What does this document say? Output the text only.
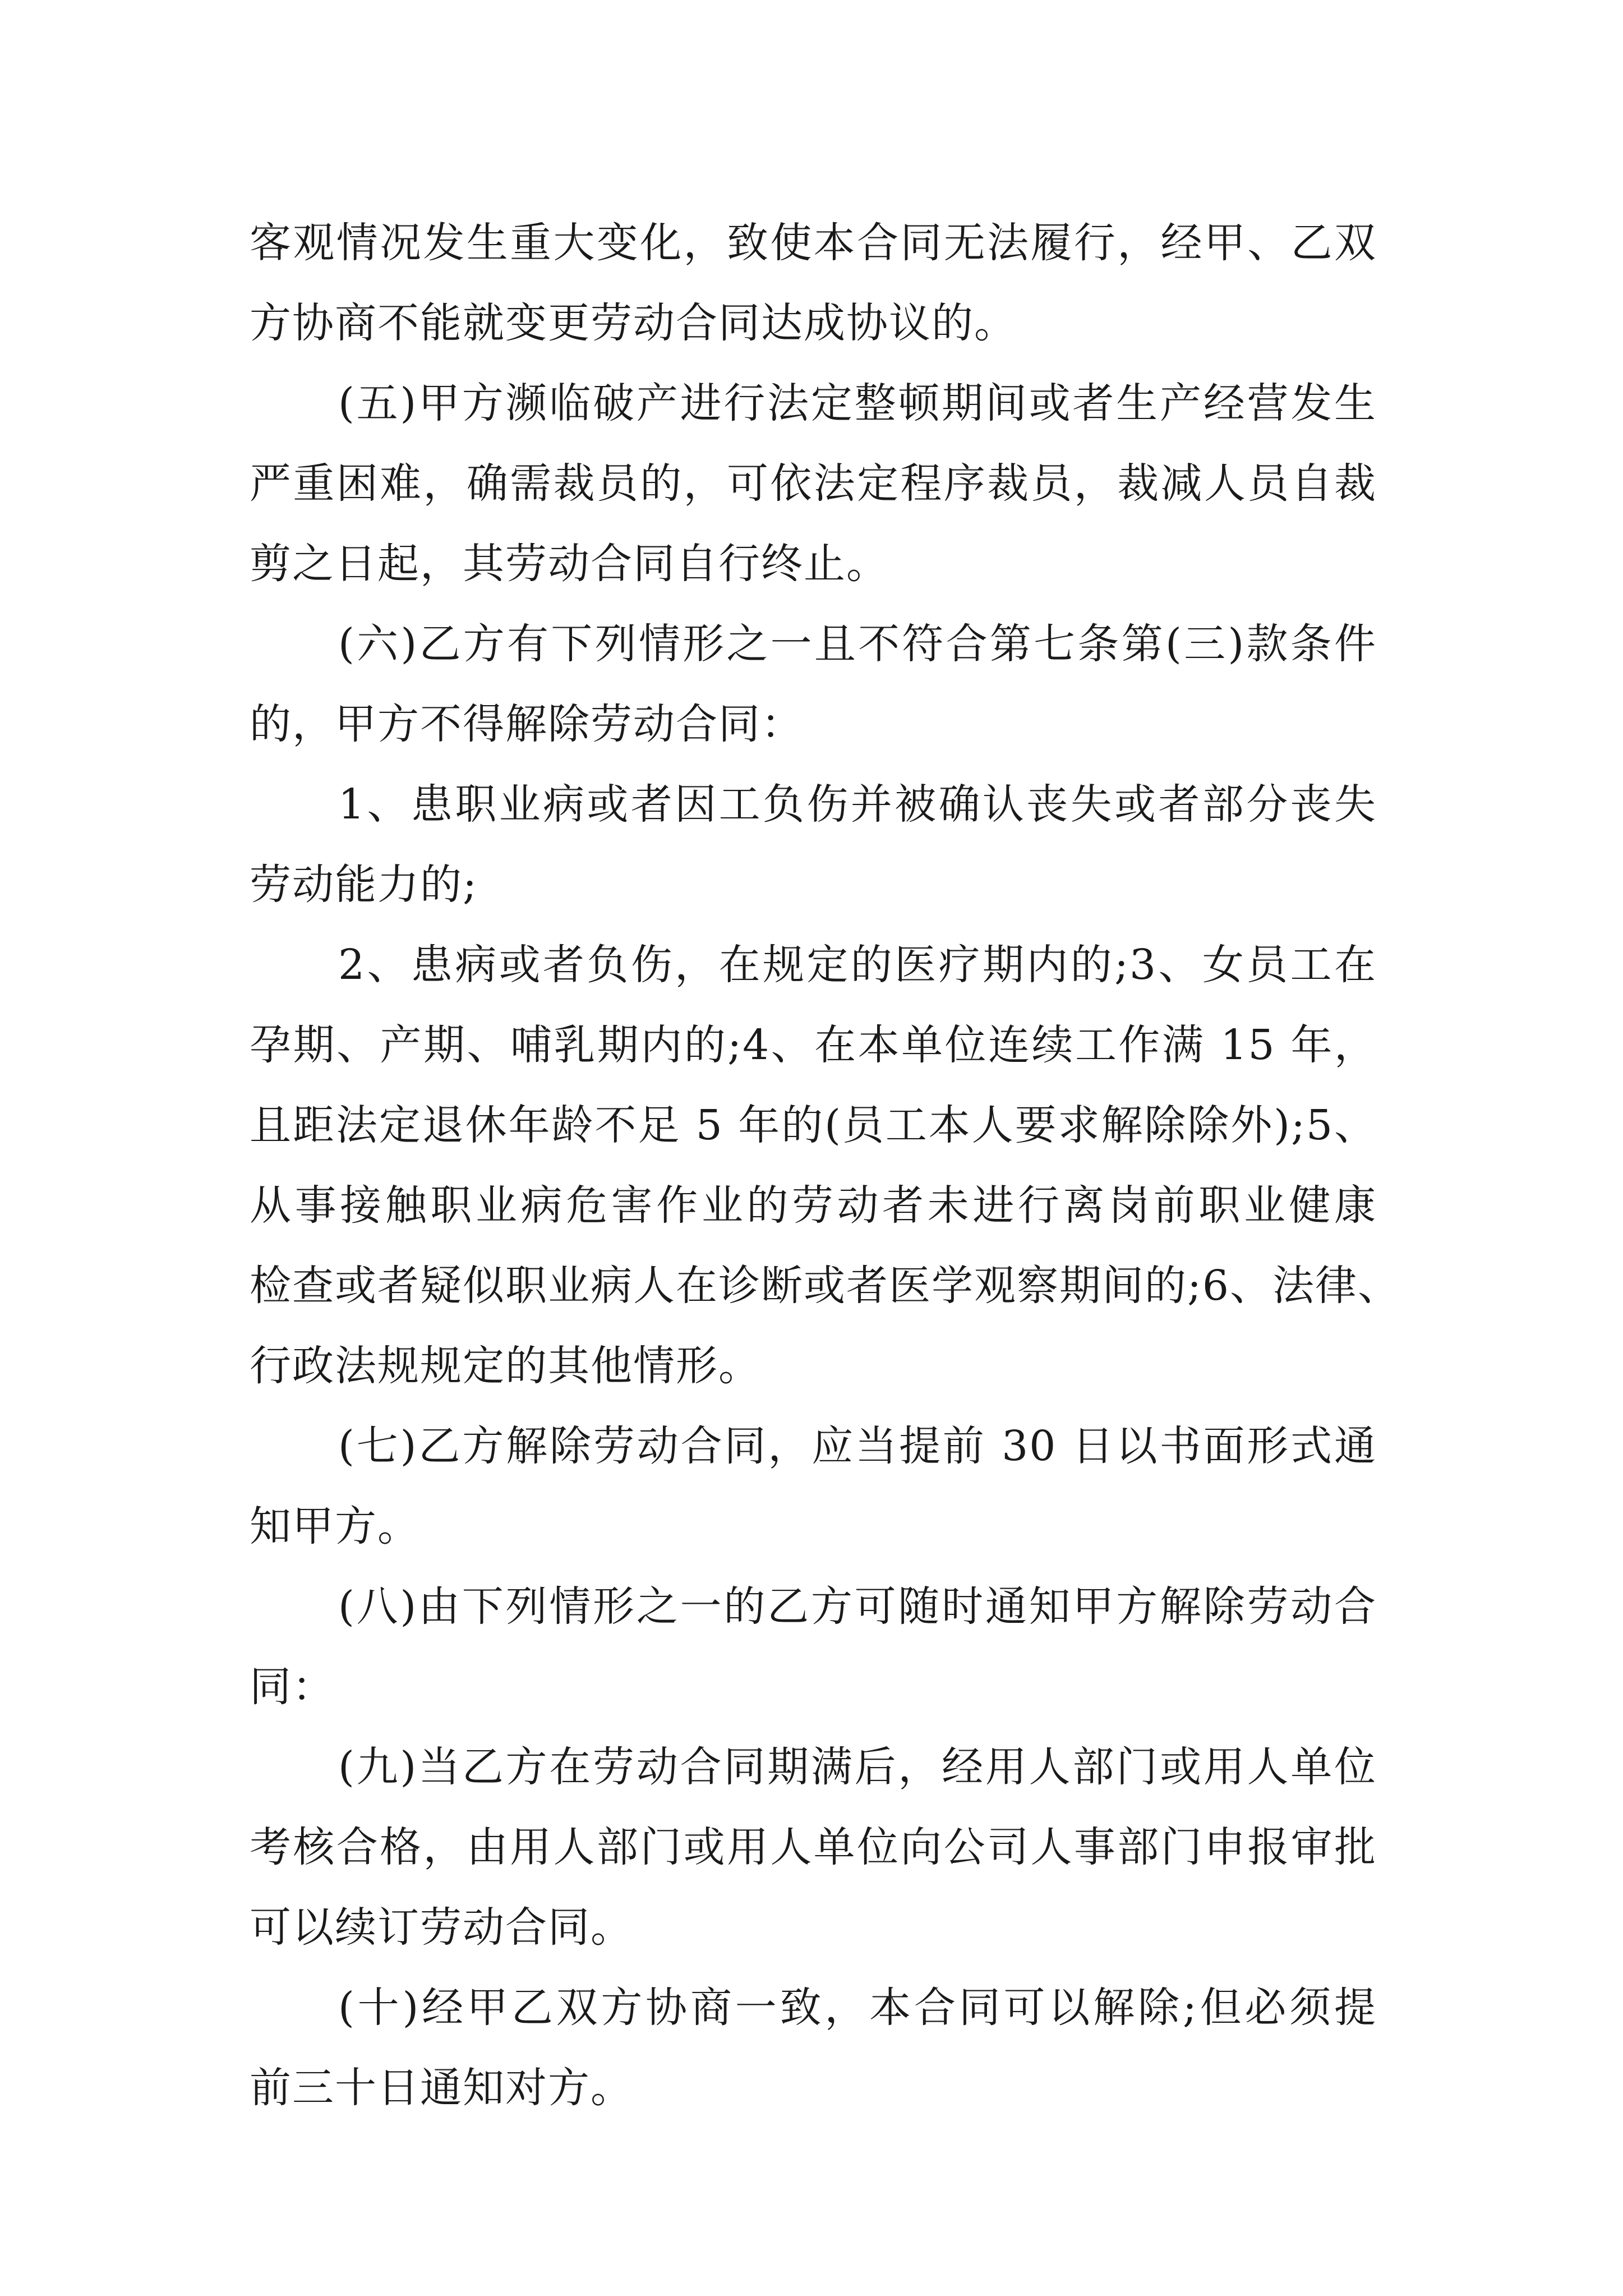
客观情况发生重大变化，致使本合同无法履行，经甲、乙双
方协商不能就变更劳动合同达成协议的。
(五)甲方濒临破产进行法定整顿期间或者生产经营发生
严重困难，确需裁员的，可依法定程序裁员，裁减人员自裁
剪之日起，其劳动合同自行终止。
(六)乙方有下列情形之一且不符合第七条第(三)款条件
的，甲方不得解除劳动合同：
1、患职业病或者因工负伤并被确认丧失或者部分丧失
劳动能力的;
2、患病或者负伤，在规定的医疗期内的;3、女员工在
孕期、产期、哺乳期内的;4、在本单位连续工作满 15 年，
且距法定退休年龄不足 5 年的(员工本人要求解除除外);5、
从事接触职业病危害作业的劳动者未进行离岗前职业健康
检查或者疑似职业病人在诊断或者医学观察期间的;6、法律、
行政法规规定的其他情形。
(七)乙方解除劳动合同，应当提前 30 日以书面形式通
知甲方。
(八)由下列情形之一的乙方可随时通知甲方解除劳动合
同：
(九)当乙方在劳动合同期满后，经用人部门或用人单位
考核合格，由用人部门或用人单位向公司人事部门申报审批
可以续订劳动合同。
(十)经甲乙双方协商一致，本合同可以解除;但必须提
前三十日通知对方。
